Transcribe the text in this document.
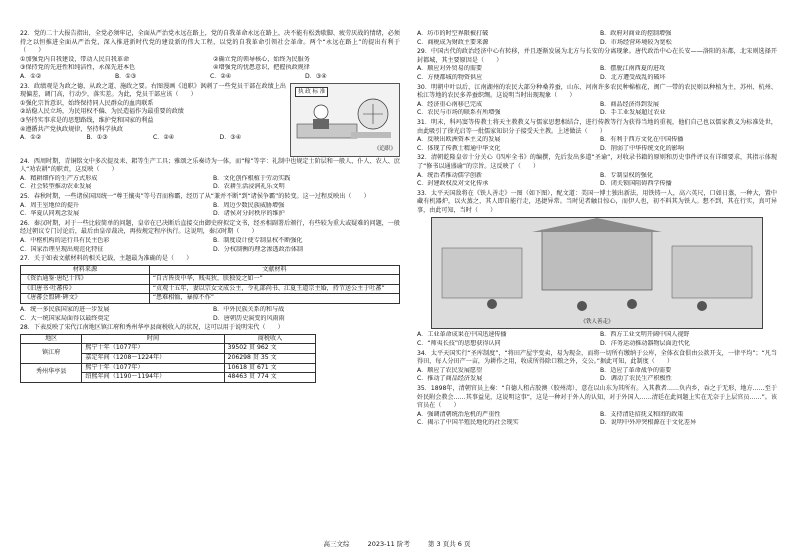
22．党的二十大报告指出，全党必须牢记，全面从严治党永远在路上，党的自我革命永远在路上，决不能有松劲歇脚、疲劳厌战的情绪，必须持之以恒推进全面从严治党，深入推进新时代党的建设新的伟大工程，以党的自我革命引领社会革命。两个“永远在路上”的提出有利于（　　）
①加强党内自我建设，带动人民自我革命	②确立党的领导核心，始终为民服务
③保持党的先进性和纯洁性，永葆先进本色	④增强党的忧患意识，把握执政规律
A．①②	B．①③	C．②④	D．③④
23．政绩观是为政之德，从政之道、施政之要。右图漫画《追职》讽刺了一些党员干部在政绩上出现偏差，调门高，行动少，落实差。为此，党员干部应该（　　）
①强化宗旨意识，始终保持同人民群众的血肉联系
②站稳人民立场，为民用权不偏、为民造福作为最重要的政绩
③坚持实事求是的思想路线，维护党和国家的利益
④遵循共产党执政规律，坚持科学执政
A．①②	B．①③	C．②④	D．③④
执 政 标 准
《追职》
24．西周时期，青铜铭文中多次提及耒、耜等生产工具；雅颂之乐奏诗为一体，而“稼”等字：礼制中也规定士阶层和一般人、仆人、农人、庶人“劝农耕”的职责，这反映（　　）
A．精耕细作的生产方式形成	B．文化创作根植于劳动实践
C．社会转型推动农业发展	D．农耕生活浸润礼乐文明
25．春秋时期，一些诸侯国因统一“尊王攘夷”等号召而称霸，经历了从“兼并不断”到“诸侯争霸”的转变。这一过程反映出（　　）
A．周王室地位的提升	B．周边少数民族威胁增强
C．华夏认同观念发展	D．诸侯对分封秩序的维护
26．秦汉时期，对于一些比较简单的问题，皇帝在已决断后直接交由御史府拟定文书，经丞相副署后颁行，有些较为重大或疑难的问题，一般经过朝议专门讨论后，最后由皇帝裁决，再按规定程序执行。这说明，秦汉时期（　　）
A．中枢机构的运行具有民主色彩	B．制度设计使专制皇权不断强化
C．国家治理呈现出规范化特征	D．分权制衡的理念渗透政治体制
27．关于如表文献材料的相关记载，主题最为准确的是（　　）
材料来源	文献材料
《资治通鉴·唐纪十四》	“自古皆贵中华，贱夷狄，朕独爱之如一”
《旧唐书·吐蕃传》	“贞观十五年，妻以宗女文成公主，令礼部尚书、江夏王道宗主婚，持节送公主于吐蕃”
《唐蕃会盟碑·碑文》	“患难相恤，暴掠不作”
A．统一多民族国家的进一步发展	B．中外民族关系的和与战
C．大一统国家局面得以最终奠定	D．唐朝历史演变的风雨雨
28．下表反映了宋代江南地区镇江府和秀州华亭县商税收入的状况，这可以用于说明宋代（　　）
地区	时间	商税收入
镇江府	熙宁十年（1077年）	39502 贯 962 文
	嘉定年间（1208～1224年）	206298 贯 35 文
秀州华亭县	熙宁十年（1077年）	10618 贯 671 文
	绍熙年间（1190～1194年）	48463 贯 774 文
A．坊市的时空界限被打破	B．政府对商业的控制增强
C．商税成为财政主要来源	D．市场经营环境较为宽松
29．中国古代的政治经济中心有转移，并且逐渐发展为北方与长安的分离现象。唐代政治中心在长安——洛阳的东都，北宋则选择开封都城，其主要原因是（　　）
A．顺应对外贸易的需要	B．摆脱江南西夏的进攻
C．方便都城的物资供应	D．北方遭受战乱的破坏
30．明朝中叶以后，江南湖州的农民大部分种桑养蚕，山东、河南许多农民种棉植花，闽广一带的农民则以种植为主，苏州、杭州、松江等地的农民多养蚕织绸。这说明当时出现现象（　　）
A．经济重心南移已完成	B．商品经济得到发展
C．农民与市场的联系有所增强	D．手工业发展超过农业
31．明末，科玛窦等传教士将天主教教义与儒家思想相结合，进行传教等行为获得当地的重视，他们自己也以儒家教义为标准处世，由此吸引了徐光启等一批儒家知识分子接受天主教。上述做法（　　）
A．反映出欧洲资本主义的发展	B．有利于西方文化在中国传播
C．体现了传教士精通中华文化	D．削弱了中华传统文化的影响
32．清朝乾隆皇帝十分关心《四库全书》的编撰，先后发出多道“圣谕”，对收录书籍的原则和历史事件评议有详细要求，其指示体现了“修书以通盛谕”的宗旨。这反映了（　　）
A．统治者推动儒学创新	B．专制皇权的强化
C．封建政权反对文化传承	D．闭关锁国阻碍西学传播
33．太平天国敌将在《铁人善走》一图（如下图），配文道：美国一博士独出新法，用铁铸一人，高六英尺，口如日蒸，一种大，置中藏有机器炉，以火蒸之，其人即自能行走，迅捷异常。当时见者触目惊心，而伊人也，初不料其为铁人。想不到，其在行实，真可异事，由此可知，当时（　　）
《铁人善走》
A．工业革命成果在中国迅速传播	B．西方工业文明开阔中国人视野
C．“师夷长技”的思想获得认同	D．洋务运动推动器物层面近代化
34．太平天国实行“圣库制度”，“将田产屋宇变卖，易为现金，而将一切所有缴纳于公库，全体衣食俱由公款开支，一律平均”；“凡当得田，每人分田产一亩，为耕作之用，收成所得除口粮之外，交公。”据此可知，此制度（　　）
A．顺应了农民发展愿望	B．适应了革命战争的需要
C．推动了商品经济发展	D．调动了农民生产积极性
35．1898年，清朝官员上奏：“自德人租占胶澳（胶州湾），意在以山东为其所有。入其教者……负内乡，吞之于无形，地方……至于奸民附会教会……其事益见，这说明这事”，这是一种对于外人的认知，对于外国人……清廷在此问题上实在无奈于上层官员……”。该官员在（　　）
A．强调清朝统治危机的严重性	B．支持清廷招抚义和团的政策
C．揭示了中国半殖民地化的社会现实	D．说明中外冲突根源在于文化差异
高三文综	2023-11 阶考	第 3 页共 6 页
